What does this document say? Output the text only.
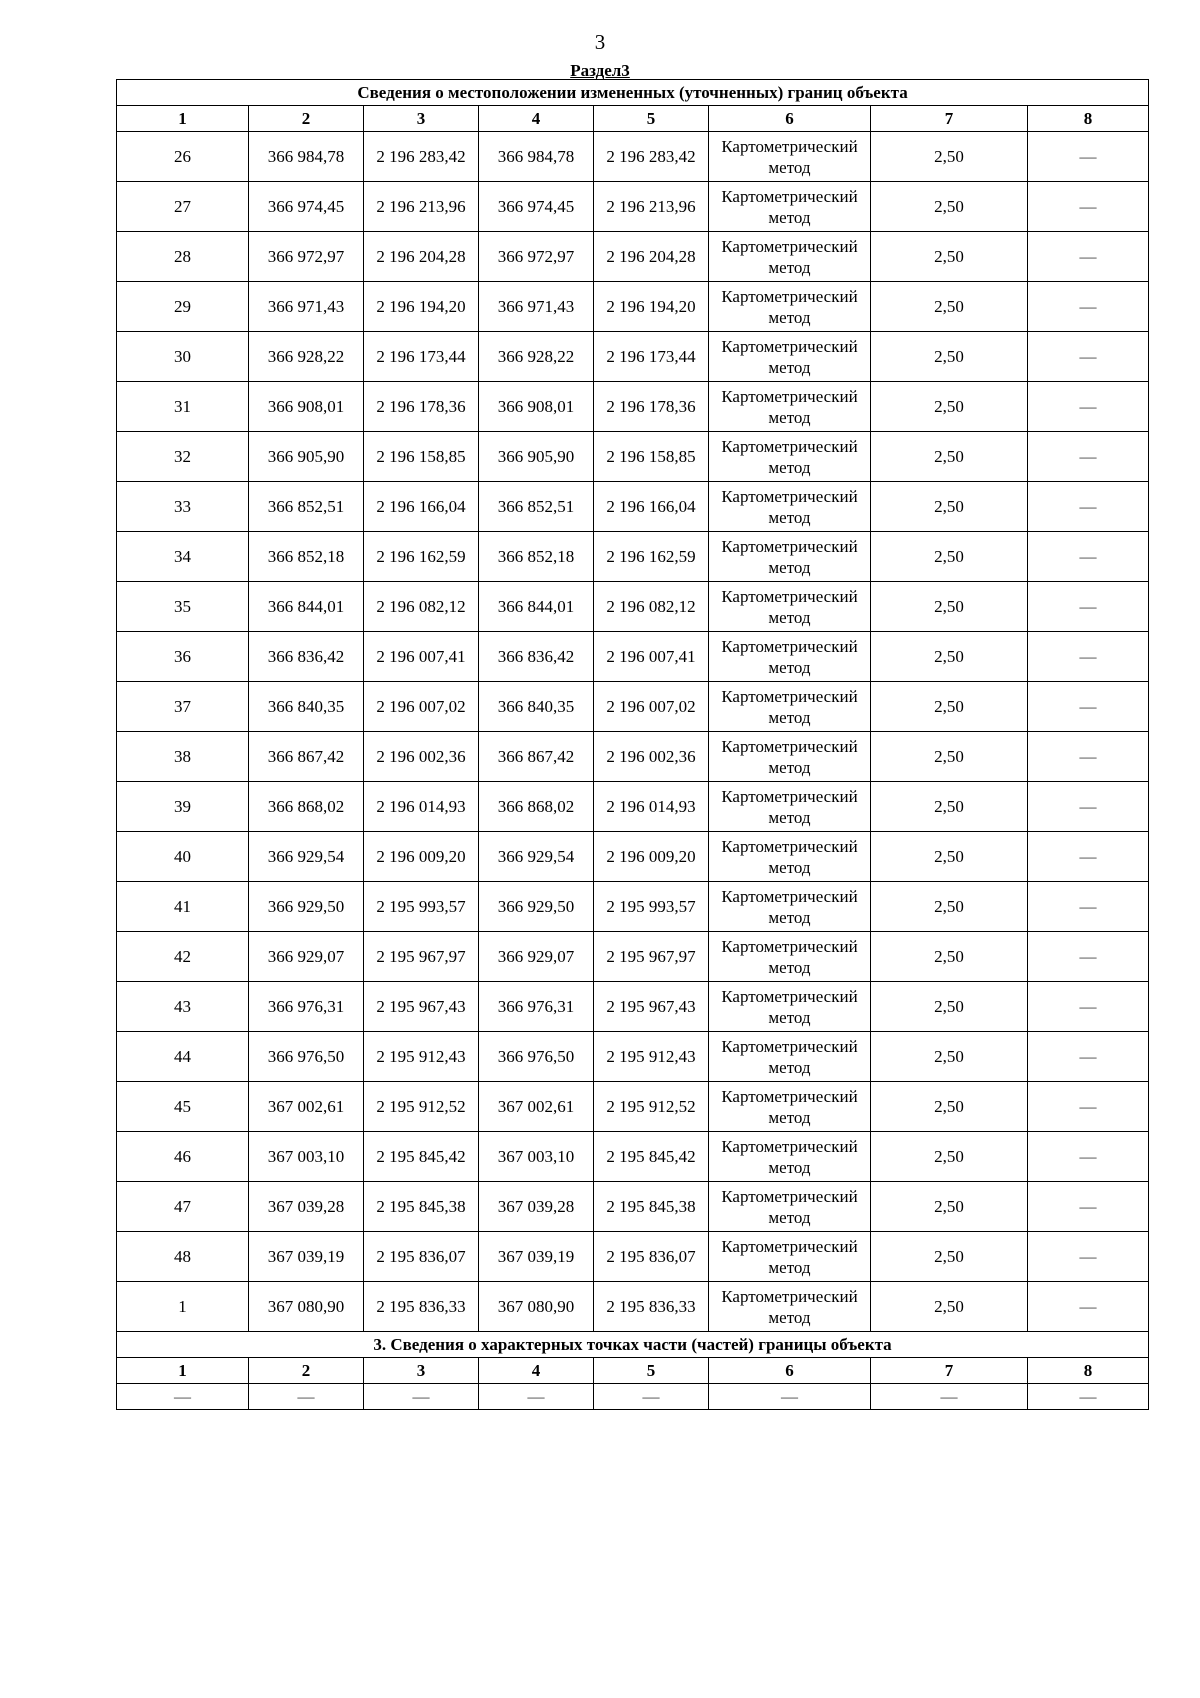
3
Раздел3
Сведения о местоположении измененных (уточненных) границ объекта							
1	2	3	4	5	6	7	8
26	366 984,78	2 196 283,42	366 984,78	2 196 283,42	Картометрический метод	2,50	—
27	366 974,45	2 196 213,96	366 974,45	2 196 213,96	Картометрический метод	2,50	—
28	366 972,97	2 196 204,28	366 972,97	2 196 204,28	Картометрический метод	2,50	—
29	366 971,43	2 196 194,20	366 971,43	2 196 194,20	Картометрический метод	2,50	—
30	366 928,22	2 196 173,44	366 928,22	2 196 173,44	Картометрический метод	2,50	—
31	366 908,01	2 196 178,36	366 908,01	2 196 178,36	Картометрический метод	2,50	—
32	366 905,90	2 196 158,85	366 905,90	2 196 158,85	Картометрический метод	2,50	—
33	366 852,51	2 196 166,04	366 852,51	2 196 166,04	Картометрический метод	2,50	—
34	366 852,18	2 196 162,59	366 852,18	2 196 162,59	Картометрический метод	2,50	—
35	366 844,01	2 196 082,12	366 844,01	2 196 082,12	Картометрический метод	2,50	—
36	366 836,42	2 196 007,41	366 836,42	2 196 007,41	Картометрический метод	2,50	—
37	366 840,35	2 196 007,02	366 840,35	2 196 007,02	Картометрический метод	2,50	—
38	366 867,42	2 196 002,36	366 867,42	2 196 002,36	Картометрический метод	2,50	—
39	366 868,02	2 196 014,93	366 868,02	2 196 014,93	Картометрический метод	2,50	—
40	366 929,54	2 196 009,20	366 929,54	2 196 009,20	Картометрический метод	2,50	—
41	366 929,50	2 195 993,57	366 929,50	2 195 993,57	Картометрический метод	2,50	—
42	366 929,07	2 195 967,97	366 929,07	2 195 967,97	Картометрический метод	2,50	—
43	366 976,31	2 195 967,43	366 976,31	2 195 967,43	Картометрический метод	2,50	—
44	366 976,50	2 195 912,43	366 976,50	2 195 912,43	Картометрический метод	2,50	—
45	367 002,61	2 195 912,52	367 002,61	2 195 912,52	Картометрический метод	2,50	—
46	367 003,10	2 195 845,42	367 003,10	2 195 845,42	Картометрический метод	2,50	—
47	367 039,28	2 195 845,38	367 039,28	2 195 845,38	Картометрический метод	2,50	—
48	367 039,19	2 195 836,07	367 039,19	2 195 836,07	Картометрический метод	2,50	—
1	367 080,90	2 195 836,33	367 080,90	2 195 836,33	Картометрический метод	2,50	—
3. Сведения о характерных точках части (частей) границы объекта							
1	2	3	4	5	6	7	8
—	—	—	—	—	—	—	—
